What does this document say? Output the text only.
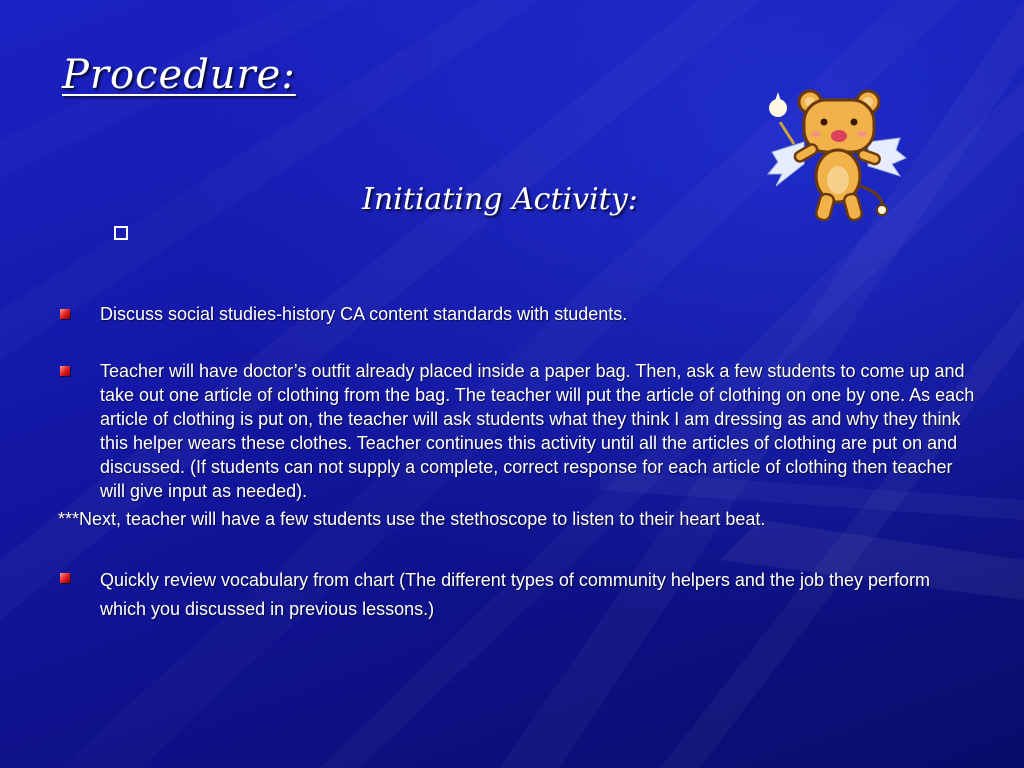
Procedure:
Initiating Activity:
Discuss social studies-history CA content standards with students.
Teacher will have doctor’s outfit already placed inside a paper bag. Then, ask a few students to come up and take out one article of clothing from the bag. The teacher will put the article of clothing on one by one. As each article of clothing is put on, the teacher will ask students what they think I am dressing as and why they think this helper wears these clothes. Teacher continues this activity until all the articles of clothing are put on and discussed. (If students can not supply a complete, correct response for each article of clothing then teacher will give input as needed).
***Next, teacher will have a few students use the stethoscope to listen to their heart beat.
Quickly review vocabulary from chart (The different types of community helpers and the job they perform which you discussed in previous lessons.)
